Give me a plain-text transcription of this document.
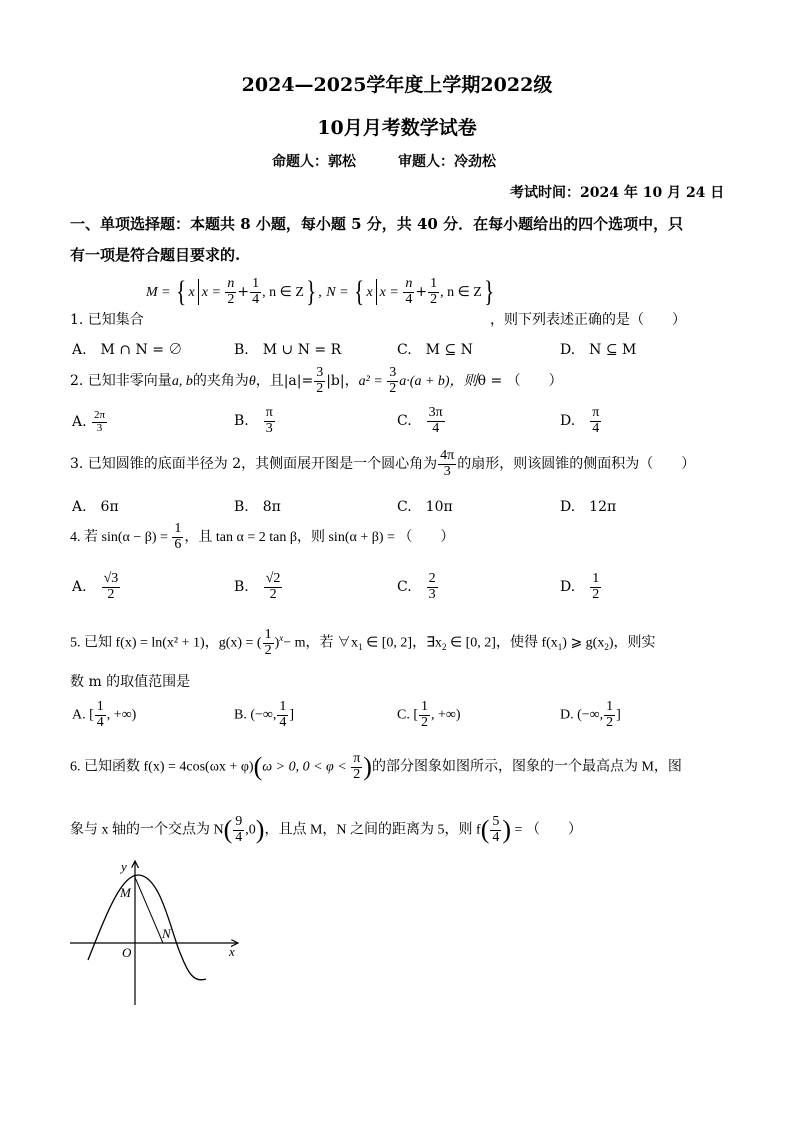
2024—2025学年度上学期2022级
10月月考数学试卷
命题人：郭松　　　审题人：冷劲松
考试时间：2024 年 10 月 24 日
一、单项选择题：本题共 8 小题，每小题 5 分，共 40 分．在每小题给出的四个选项中，只
有一项是符合题目要求的.
M = { x $x = \frac{n}{2} + \frac{1}{4}$ , n ∈ Z} , N = { x $x = \frac{n}{4} + \frac{1}{2}$ , n ∈ Z}
1. 已知集合	，则下列表述正确的是（　　）
A.　M ∩ N = ∅	B.　M ∪ N = R	C.　M ⊆ N	D.　N ⊆ M
2. 已知非零向量a, b的夹角为θ，且$|a|= \frac{3}{2} |b|$，$a^2 = \frac{3}{2} a\cdot(a + b)$，则θ = （　　）
A. $\frac{2\pi}{3}$	B.　 $\frac{\pi}{3}$	C.　 $\frac{3\pi}{4}$	D.　 $\frac{\pi}{4}$
3. 已知圆锥的底面半径为 2，其侧面展开图是一个圆心角为 $\frac{4\pi}{3}$ 的扇形，则该圆锥的侧面积为（　　）
A.　6π	B.　8π	C.　10π	D.　12π
4. 若 $\sin(\alpha - \beta) = \frac{1}{6}$ ，且 tan α = 2 tan β，则 sin(α + β) = （　　）
A.　 $\frac{√3}{2}$	B.　 $\frac{√2}{2}$	C.　 $\frac{2}{3}$	D.　 $\frac{1}{2}$
5. 已知 f(x) = ln(x² + 1)，g(x) = ( $\frac{1}{2} )^x- m$，若 $\forall x_1$ ∈ [0, 2]，$\exists x_2$ ∈ [0, 2]，使得 $f(x_1)$ ⩾ $g(x_2)$，则实
数 m 的取值范围是
A. [ $\frac{1}{4}$ , +∞)	B. (−∞, $\frac{1}{4}$ ]	C. [ $\frac{1}{2}$ , +∞)	D. (−∞, $\frac{1}{2}$ ]
6. 已知函数 f(x) = 4cos(ωx + φ)(ω > 0, $0 < \varphi < \frac{\pi}{2}$ )的部分图象如图所示，图象的一个最高点为 M，图
象与 x 轴的一个交点为 $N( \frac{9}{4} ,0)$，且点 M，N 之间的距离为 5，则 $f( \frac{5}{4}$ ) = （　　）
y
x
O
M
N
